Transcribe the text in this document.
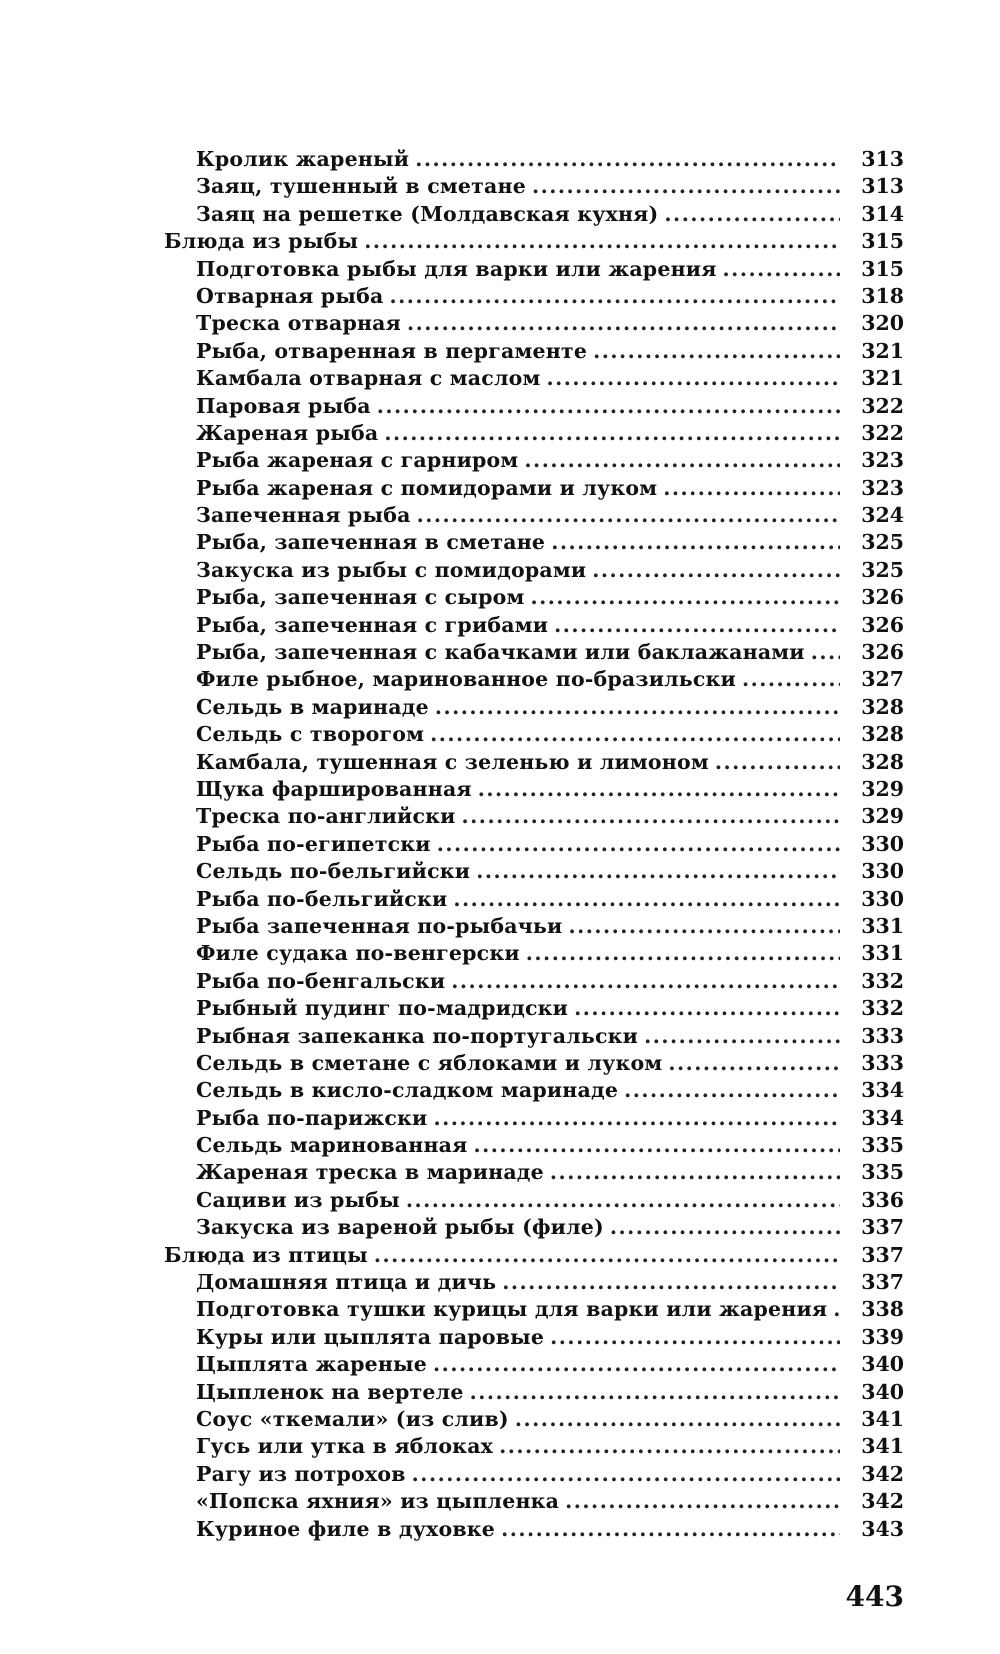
Кролик жареный .....	313
Заяц, тушенный в сметане .....	313
Заяц на решетке (Молдавская кухня) .....	314
Блюда из рыбы .....	315
Подготовка рыбы для варки или жарения .....	315
Отварная рыба .....	318
Треска отварная .....	320
Рыба, отваренная в пергаменте .....	321
Камбала отварная с маслом .....	321
Паровая рыба .....	322
Жареная рыба .....	322
Рыба жареная с гарниром .....	323
Рыба жареная с помидорами и луком .....	323
Запеченная рыба .....	324
Рыба, запеченная в сметане .....	325
Закуска из рыбы с помидорами .....	325
Рыба, запеченная с сыром .....	326
Рыба, запеченная с грибами .....	326
Рыба, запеченная с кабачками или баклажанами .....	326
Филе рыбное, маринованное по-бразильски .....	327
Сельдь в маринаде .....	328
Сельдь с творогом .....	328
Камбала, тушенная с зеленью и лимоном .....	328
Щука фаршированная .....	329
Треска по-английски .....	329
Рыба по-египетски .....	330
Сельдь по-бельгийски .....	330
Рыба по-бельгийски .....	330
Рыба запеченная по-рыбачьи .....	331
Филе судака по-венгерски .....	331
Рыба по-бенгальски .....	332
Рыбный пудинг по-мадридски .....	332
Рыбная запеканка по-португальски .....	333
Сельдь в сметане с яблоками и луком .....	333
Сельдь в кисло-сладком маринаде .....	334
Рыба по-парижски .....	334
Сельдь маринованная .....	335
Жареная треска в маринаде .....	335
Сациви из рыбы .....	336
Закуска из вареной рыбы (филе) .....	337
Блюда из птицы .....	337
Домашняя птица и дичь .....	337
Подготовка тушки курицы для варки или жарения .....	338
Куры или цыплята паровые .....	339
Цыплята жареные .....	340
Цыпленок на вертеле .....	340
Соус «ткемали» (из слив) .....	341
Гусь или утка в яблоках .....	341
Рагу из потрохов .....	342
«Попска яхния» из цыпленка .....	342
Куриное филе в духовке .....	343
443
